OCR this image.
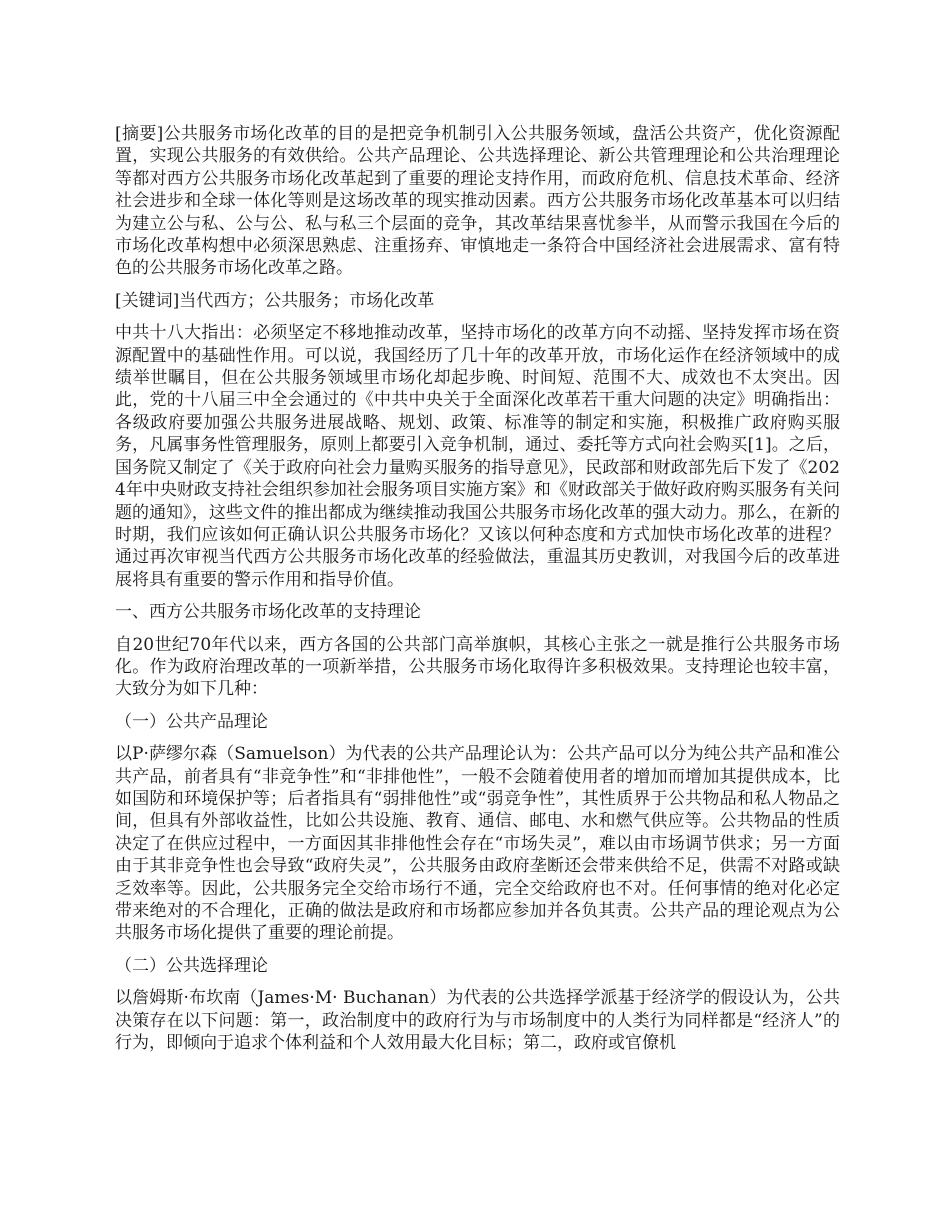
[摘要]公共服务市场化改革的目的是把竞争机制引入公共服务领域，盘活公共资产，优化资源配置，实现公共服务的有效供给。公共产品理论、公共选择理论、新公共管理理论和公共治理理论等都对西方公共服务市场化改革起到了重要的理论支持作用，而政府危机、信息技术革命、经济社会进步和全球一体化等则是这场改革的现实推动因素。西方公共服务市场化改革基本可以归结为建立公与私、公与公、私与私三个层面的竞争，其改革结果喜忧参半，从而警示我国在今后的市场化改革构想中必须深思熟虑、注重扬弃、审慎地走一条符合中国经济社会进展需求、富有特色的公共服务市场化改革之路。

[关键词]当代西方；公共服务；市场化改革

中共十八大指出：必须坚定不移地推动改革，坚持市场化的改革方向不动摇、坚持发挥市场在资源配置中的基础性作用。可以说，我国经历了几十年的改革开放，市场化运作在经济领域中的成绩举世瞩目，但在公共服务领域里市场化却起步晚、时间短、范围不大、成效也不太突出。因此，党的十八届三中全会通过的《中共中央关于全面深化改革若干重大问题的决定》明确指出：各级政府要加强公共服务进展战略、规划、政策、标准等的制定和实施，积极推广政府购买服务，凡属事务性管理服务，原则上都要引入竞争机制，通过、委托等方式向社会购买[1]。之后，国务院又制定了《关于政府向社会力量购买服务的指导意见》，民政部和财政部先后下发了《2024年中央财政支持社会组织参加社会服务项目实施方案》和《财政部关于做好政府购买服务有关问题的通知》，这些文件的推出都成为继续推动我国公共服务市场化改革的强大动力。那么，在新的时期，我们应该如何正确认识公共服务市场化？又该以何种态度和方式加快市场化改革的进程？通过再次审视当代西方公共服务市场化改革的经验做法，重温其历史教训，对我国今后的改革进展将具有重要的警示作用和指导价值。

一、西方公共服务市场化改革的支持理论

自20世纪70年代以来，西方各国的公共部门高举旗帜，其核心主张之一就是推行公共服务市场化。作为政府治理改革的一项新举措，公共服务市场化取得许多积极效果。支持理论也较丰富，大致分为如下几种：

（一）公共产品理论

以P·萨缪尔森（Samuelson）为代表的公共产品理论认为：公共产品可以分为纯公共产品和准公共产品，前者具有“非竞争性”和“非排他性”，一般不会随着使用者的增加而增加其提供成本，比如国防和环境保护等；后者指具有“弱排他性”或“弱竞争性”，其性质界于公共物品和私人物品之间，但具有外部收益性，比如公共设施、教育、通信、邮电、水和燃气供应等。公共物品的性质决定了在供应过程中，一方面因其非排他性会存在“市场失灵”，难以由市场调节供求；另一方面由于其非竞争性也会导致“政府失灵”，公共服务由政府垄断还会带来供给不足，供需不对路或缺乏效率等。因此，公共服务完全交给市场行不通，完全交给政府也不对。任何事情的绝对化必定带来绝对的不合理化，正确的做法是政府和市场都应参加并各负其责。公共产品的理论观点为公共服务市场化提供了重要的理论前提。

（二）公共选择理论

以詹姆斯·布坎南（James·M· Buchanan）为代表的公共选择学派基于经济学的假设认为，公共决策存在以下问题：第一，政治制度中的政府行为与市场制度中的人类行为同样都是“经济人”的行为，即倾向于追求个体利益和个人效用最大化目标；第二，政府或官僚机
